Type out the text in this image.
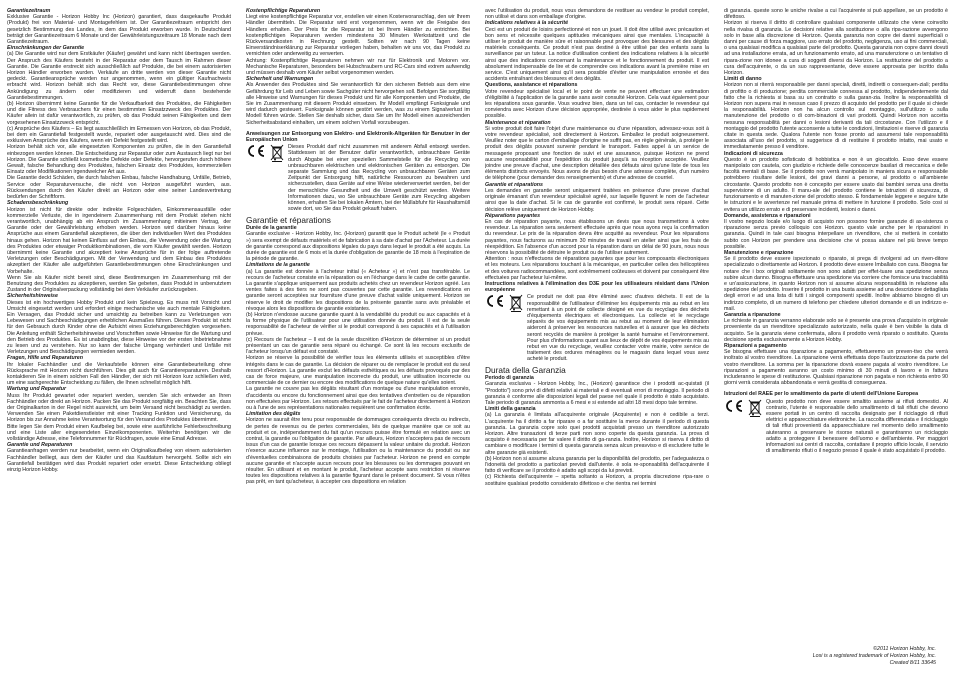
Garantiezeitraum

Exklusive Garantie - Horizon Hobby Inc (Horizon) garantiert, dass dasgekaufte Produkt (Produkt) frei von Material- und Montagefehlern ist. Der Garantiezeitraum entspricht den gesetzlich Bestimmung des Landes, in dem das Produkt erworben wurde. In Deutschland beträgt der Garantiezeitraum 6 Monate und der Gewährleistungszeitraum 18 Monate nach dem Garantiezeitraum.

Einschränkungen der Garantie

(a) Die Garantie wird nur dem Erstkäufer (Käufer) gewährt und kann nicht übertragen werden. Der Anspruch des Käufers besteht in der Reparatur oder dem Tausch im Rahmen dieser Garantie. Die Garantie erstreckt sich ausschließlich auf Produkte, die bei einem autorisierten Horizon Händler erworben wurden. Verkäufe an dritte werden von dieser Garantie nicht gedeckt. Garantieansprüche werden nur angenommen, wenn ein gültiger Kaufnachweis erbracht wird. Horizon behält sich das Recht vor, diese Garantiebestimmungen ohne Ankündigung zu ändern oder modifizieren und widerruft dann bestehende Garantiebestimmungen.
(b) Horizon übernimmt keine Garantie für die Verkaufbarkeit des Produktes, die Fähigkeiten und die Fitness des Verbrauchers für einen bestimmten Einsatzzweck des Produktes. Der Käufer allein ist dafür verantwortlich, zu prüfen, ob das Produkt seinen Fähigkeiten und dem vorgesehenen Einsatzzweck entspricht.
(c) Ansprüche des Käufers – Es liegt ausschließlich im Ermessen von Horizon, ob das Produkt, bei dem ein Garantiefall festgestellt wurde, repariert oder ausgetauscht wird. Dies sind die exklusiven Ansprüche des Käufers, wenn ein Defekt festgestellt wird.
Horizon behält sich vor, alle eingesetzten Komponenten zu prüfen, die in den Garantiefall einbezogen werden können. Die Entscheidung zur Reparatur oder zum Austausch liegt nur bei Horizon. Die Garantie schließt kosmetische Defekte oder Defekte, hervorgerufen durch höhere Gewalt, falsche Behandlung des Produktes, falschen Einsatz des Produktes, kommerziellen Einsatz oder Modifikationen irgendwelcher Art aus.
Die Garantie deckt Schäden, die durch falschen Einbau, falsche Handhabung, Unfälle, Betrieb, Service oder Reparaturversuche, die nicht von Horizon ausgeführt wurden, aus. Rücksendungen durch den Käufer direkt an Horizon oder eine seiner Landesvertretung bedürfen der Schriftform.

Schadensbeschränkung

Horizon ist nicht für direkte oder indirekte Folgeschäden, Einkommensausfälle oder kommerzielle Verluste, die in irgendeinem Zusammenhang mit dem Produkt stehen nicht verantwortlich, unabhängig ab ein Anspruch im Zusammenhang mitieinem Vertrag, der Garantie oder der Gewährleistung erhoben werden. Horizon wird darüber hinaus keine Ansprüche aus einem Garantiefall akzeptieren, die über den individuellen Wert des Produktes hinaus gehen. Horizon hat keinen Einfluss auf den Einbau, die Verwendung oder die Wartung des Produktes oder etwaiger Produktkombinationen, die vom Käufer gewählt werden. Horizon übernimmt keine Garantie und akzeptiert keine Ansprüche für in der folge auftretende Verletzungen oder Beschädigungen. Mit der Verwendung und dem Einbau des Produktes akzeptiert der Käufer alle aufgeführten Garantiebestimmungen ohne Einschränkungen und Vorbehalte.
Wenn Sie als Käufer nicht bereit sind, diese Bestimmungen im Zusammenhang mit der Benutzung des Produktes zu akzeptieren, werden Sie gebeten, dass Produkt in unbenutztem Zustand in der Originalverpackung vollständig bei dem Verkäufer zurückzugeben.

Sicherheitshinweise

Dieses ist ein hochwertiges Hobby Produkt und kein Spielzeug. Es muss mit Vorsicht und Umsicht eingesetzt werden und erfordert einige mechanische wie auch mentale Fähigkeiten. Ein Versagen, das Produkt sicher und umsichtig zu betreiben kann zu Verletzungen von Lebewesen und Sachbeschädigungen erheblichen Ausmaßes führen. Dieses Produkt ist nicht für den Gebrauch durch Kinder ohne die Aufsicht eines Erziehungsberechtigten vorgesehen. Die Anleitung enthält Sicherheitshinweise und Vorschriften sowie Hinweise für die Wartung und den Betrieb des Produktes. Es ist unabdingbar, diese Hinweise vor der ersten Inbetriebnahme zu lesen und zu verstehen. Nur so kann der falsche Umgang verhindert und Unfälle mit Verletzungen und Beschädigungen vermieden werden.

Fragen, Hilfe und Reparaturen

Ihr lokaler Fachhändler und die Verkaufstelle können eine Garantiebeurteilung ohne Rücksprache mit Horizon nicht durchführen. Dies gilt auch für Garantiereparaturen. Deshalb kontaktieren Sie in einem solchen Fall den Händler, der sich mit Horizon kurz schließen wird, um eine sachgerechte Entscheidung zu fällen, die Ihnen schnellst möglich hilft.

Wartung und Reparatur

Muss Ihr Produkt gewartet oder repariert werden, wenden Sie sich entweder an Ihren Fachhändler oder direkt an Horizon. Packen Sie das Produkt sorgfältig ein. Beachten Sie, dass der Originalkarton in der Regel nicht ausreicht, um beim Versand nicht beschädigt zu werden. Verwenden Sie einen Paketdienstleister mit einer Tracking Funktion und Versicherung, da Horizon bis zur Annahme keine Verantwortung für den Versand des Produktes übernimmt.
Bitte legen Sie dem Produkt einen Kaufbeleg bei, sowie eine ausführliche Fehlerbeschreibung und eine Liste aller eingesendeten Einzelkomponenten. Weiterhin benötigen wir die vollständige Adresse, eine Telefonnummer für Rückfragen, sowie eine Email Adresse.

Garantie und Reparaturen

Garantieanfragen werden nur bearbeitet, wenn ein Originalkaufbeleg von einem autorisierten Fachhändler beiliegt, aus dem der Käufer und das Kaufdatum hervorgeht. Sollte sich ein Garantiefall bestätigen wird das Produkt repariert oder ersetzt. Diese Entscheidung obliegt einzig Horizon Hobby.

Kostenpflichtige Reparaturen

Liegt eine kostenpflichtige Reparatur vor, erstellen wir einen Kostenvoranschlag, den wir Ihrem Händler übermitteln. Die Reparatur wird erst vorgenommen, wenn wir die Freigabe des Händlers erhalten. Der Preis für die Reparatur ist bei Ihrem Händler zu entrichten. Bei kostenpflichtigen Reparaturen werden mindestens 30 Minuten Werkstattzeit und die Rückversandkosten in Rechnung gestellt. Sollten wir nach 90 Tagen keine Einverständniserklärung zur Reparatur vorliegen haben, behalten wir uns vor, das Produkt zu vernichten oder anderweitig zu verwerten.
Achtung: Kostenpflichtige Reparaturen nehmen wir nur für Elektronik und Motoren vor. Mechanische Reparaturen, besonders bei Hubschraubern und RC-Cars sind extrem aufwendig und müssen deshalb vom Käufer selbst vorgenommen werden.

Sicherheit und Warnungen

Als Anwender des Produktes sind Sie verantwortlich für den sicheren Betrieb aus dem eine Gefährdung für Leib und Leben sowie Sachgüter nicht hervorgehen soll. Befolgen Sie sorgfältig alle Hinweise und Warnungen für dieses Produkt und für alle Komponenten und Produkte, die Sie im Zusammenhang mit diesem Produkt einsetzen. Ihr Modell empfängt Funksignale und wird dadurch gesteuert. Funksignale können gestört werden, was zu einem Signalverlust im Modell führen würde. Stellen Sie deshalb sicher, dass Sie um Ihr Modell einen ausreichenden Sicherheitsabstand einhalten, um einem solchen Vorfall vorzubeugen.

Anweisungen zur Entsorgung von Elektro- und Elektronik-Altgeräten für Benutzer in der Europäischen Union
Dieses Produkt darf nicht zusammen mit anderem Abfall entsorgt werden. Stattdessen ist der Benutzer dafür verantwortlich, unbrauchbare Geräte durch Abgabe bei einer speziellen Sammelstelle für die Recycling von unbrauchbaren elektrischen und elektronischen Geräten zu entsorgen. Die separate Sammlung und das Recycling von unbrauchbaren Geräten zum Zeitpunkt der Entsorgung hilft, natürliche Ressourcen zu bewahren und sicherzustellen, dass Geräte auf eine Weise wiederverwertet werden, bei der der menschliche Gesundheit und die Umwelt geschützt werden. Weitere Informationen dazu, wo Sie unbrauchbare Geräte zum Recycling abgeben können, erhalten Sie bei lokalen Ämtern, bei der Müllabfuhr für Haushaltsmüll sowie dort, wo Sie das Produkt gekauft haben.
Garantie et réparations
Durée de la garantie

Garantie exclusive - Horizon Hobby, Inc. (Horizon) garantit que le Produit acheté (le « Produit ») sera exempt de défauts matériels et de fabrication à sa date d'achat par l'Acheteur. La durée de garantie correspond aux dispositions légales du pays dans lequel le produit a été acquis. La durée de garantie est de 6 mois et la durée d'obligation de garantie de 18 mois à l'expiration de la période de garantie.

Limitations de la garantie

(a) La garantie est donnée à l'acheteur initial (« Acheteur ») et n'est pas transférable. Le recours de l'acheteur consiste en la réparation ou en l'échange dans le cadre de cette garantie. La garantie s'applique uniquement aux produits achetés chez un revendeur Horizon agréé. Les ventes faites à des tiers ne sont pas couvertes par cette garantie. Les revendications en garantie seront acceptées sur fourniture d'une preuve d'achat valide uniquement. Horizon se réserve le droit de modifier les dispositions de la présente garantie sans avis préalable et révoque alors les dispositions de garantie existantes.
(b) Horizon n'endosse aucune garantie quant à la vendabilité du produit ou aux capacités et à la forme physique de l'utilisateur pour une utilisation donnée du produit. Il est de la seule responsabilité de l'acheteur de vérifier si le produit correspond à ses capacités et à l'utilisation prévue.
(c) Recours de l'acheteur – Il est de la seule discrétion d'Horizon de déterminer si un produit présentant un cas de garantie sera réparé ou échangé. Ce sont là les recours exclusifs de l'acheteur lorsqu'un défaut est constaté.
Horizon se réserve la possibilité de vérifier tous les éléments utilisés et susceptibles d'être intégrés dans le cas de garantie. La décision de réparer ou de remplacer le produit est du seul ressort d'Horizon. La garantie exclut les défauts esthétiques ou les défauts provoqués par des cas de force majeure, une manipulation incorrecte du produit, une utilisation incorrecte ou commerciale de ce dernier ou encore des modifications de quelque nature qu'elles soient.
La garantie ne couvre pas les dégâts résultant d'un montage ou d'une manipulation erronés, d'accidents ou encore du fonctionnement ainsi que des tentatives d'entretien ou de réparation non effectuées par Horizon. Les retours effectués par le fait de l'acheteur directement à Horizon ou à l'une de ses représentations nationales requièrent une confirmation écrite.

Limitation des dégâts

Horizon ne saurait être tenu pour responsable de dommages conséquents directs ou indirects, de pertes de revenus ou de pertes commerciales, liés de quelque manière que ce soit au produit et ce, indépendamment du fait qu'un recours puisse être formulé en relation avec un contrat, la garantie ou l'obligation de garantie. Par ailleurs, Horizon n'acceptera pas de recours issus d'un cas de garantie lorsque ces recours dépassent la valeur unitaire du produit. Horizon n'exerce aucune influence sur le montage, l'utilisation ou la maintenance du produit ou sur d'éventuelles combinaisons de produits choisies par l'acheteur. Horizon ne prend en compte aucune garantie et n'accepte aucun recours pour les blessures ou les dommages pouvant en résulter. En utilisant et en montant le produit, l'acheteur accepte sans restriction ni réserve toutes les dispositions relatives à la garantie figurant dans le présent document. Si vous n'êtes pas prêt, en tant qu'acheteur, à accepter ces dispositions en relation

avec l'utilisation du produit, nous vous demandons de restituer au vendeur le produit complet, non utilisé et dans son emballage d'origine.

Indications relatives à la sécurité

Ceci est un produit de loisirs perfectionné et non un jouet. Il doit être utilisé avec précaution et bon sens et nécessite quelques aptitudes mécaniques ainsi que mentales. L'incapacité à utiliser le produit de manière sûre et raisonnable peut provoquer des blessures et des dégâts matériels conséquents. Ce produit n'est pas destiné à être utilisé par des enfants sans la surveillance par un tuteur. La notice d'utilisation contient des indications relatives à la sécurité ainsi que des indications concernant la maintenance et le fonctionnement du produit. Il est absolument indispensable de lire et de comprendre ces indications avant la première mise en service. C'est uniquement ainsi qu'il sera possible d'éviter une manipulation erronée et des accidents entraînant des blessures et des dégâts.

Questions, assistance et réparations

Votre revendeur spécialisé local et le point de vente ne peuvent effectuer une estimation d'éligibilité à l'application de la garantie sans avoir consulté Horizon. Cela vaut également pour les réparations sous garantie. Vous voudrez bien, dans un tel cas, contacter le revendeur qui conviendra avec Horizon d'une décision appropriée, destinée à vous aider le plus rapidement possible.

Maintenance et réparation

Si votre produit doit faire l'objet d'une maintenance ou d'une réparation, adressez-vous soit à votre revendeur spécialisé, soit directement à Horizon. Emballez le produit soigneusement. Veuillez noter que le carton d'emballage d'origine ne suffit pas, en règle générale, à protéger le produit des dégâts pouvant survenir pendant le transport. Faites appel à un service de messagerie proposant une fonction de suivi et une assurance, puisque Horizon ne prend aucune responsabilité pour l'expédition du produit jusqu'à sa réception acceptée. Veuillez joindre une preuve d'achat, une description détaillée des défauts ainsi qu'une liste de tous les éléments distincts envoyés. Nous avons de plus besoin d'une adresse complète, d'un numéro de téléphone (pour demander des renseignements) et d'une adresse de courriel.

Garantie et réparations

Les demandes en garantie seront uniquement traitées en présence d'une preuve d'achat originale émanant d'un revendeur spécialisé agréé, sur laquelle figurent le nom de l'acheteur ainsi que la date d'achat. Si le cas de garantie est confirmé, le produit sera réparé. Cette décision relève uniquement de Horizon Hobby.

Réparations payantes

En cas de réparation payante, nous établissons un devis que nous transmettons à votre revendeur. La réparation sera seulement effectuée après que nous ayons reçu la confirmation du revendeur. Le prix de la réparation devra être acquitté au revendeur. Pour les réparations payantes, nous facturons au minimum 30 minutes de travail en atelier ainsi que les frais de réexpédition. En l'absence d'un accord pour la réparation dans un délai de 90 jours, nous nous réservons la possibilité de détruire le produit ou de l'utiliser autrement.

Attention : nous n'effectuons de réparations payantes que pour les composants électroniques et les moteurs. Les réparations touchant à la mécanique, en particulier celles des hélicoptères et des voitures radiocommandées, sont extrêmement coûteuses et doivent par conséquent être effectuées par l'acheteur lui-même.

Instructions relatives à l'élimination des D3E pour les utilisateurs résidant dans l'Union européenne
Ce produit ne doit pas être éliminé avec d'autres déchets. Il est de la responsabilité de l'utilisateur d'éliminer les équipements mis au rebut en les remettant à un point de collecte désigné en vue du recyclage des déchets d'équipements électriques et électroniques. La collecte et le recyclage séparés de vos équipements mis au rebut au moment de leur élimination aideront à préserver les ressources naturelles et à assurer que les déchets seront recyclés de manière à protéger la santé humaine et l'environnement. Pour plus d'informations quant aux lieux de dépôt de vos équipements mis au rebut en vue du recyclage, veuillez contacter votre mairie, votre service de traitement des ordures ménagères ou le magasin dans lequel vous avez acheté le produit.
Durata della Garanzia
Periodo di garanzia

Garanzia esclusiva - Horizon Hobby, Inc., (Horizon) garantisce che i prodotti ac-quistati (il "Prodotto") sono privi di difetti relativi ai materiali e di eventuali errori di montaggio. Il periodo di garanzia è conforme alle disposizioni legali del paese nel quale il prodotto è stato acquistato. Tale periodo di garanzia ammonta a 6 mesi e si estende ad altri 18 mesi dopo tale termine.

Limiti della garanzia

(a) La garanzia è limitata all'acquirente originale (Acquirente) e non è cedibile a terzi. L'acquirente ha il diritto a far riparare o a far sostituire la merce durante il periodo di questa garanzia. La garanzia copre solo quei prodotti acquistati presso un rivenditore autorizzato Horizon. Altre transazioni di terze parti non sono coperte da questa garanzia. La prova di acquisto è necessaria per far valere il diritto di ga-ranzia. Inoltre, Horizon si riserva il diritto di cambiare o modificare i termini di questa garanzia senza alcun preavviso e di escludere tutte le altre garanzie già esistenti.
(b) Horizon non si assume alcuna garanzia per la disponibilità del prodotto, per l'adeguatezza o l'idoneità del prodotto a particolari previsti dall'utente. è sola re-sponsabilità dell'acquirente il fatto di verificare se il prodotto è adatto agli scopi da lui previsti.
(c) Richiesta dell'acquirente – spetta soltanto a Horizon, a propria discrezione ripa-rare o sostituire qualsiasi prodotto considerato difettoso e che rientra nei termini

di garanzia. queste sono le uniche rivalse a cui l'acquirente si può appellare, se un prodotto è difettoso.
Horizon si riserva il diritto di controllare qualsiasi componente utilizzato che viene coinvolto nella rivalsa di garanzia. Le decisioni relative alla sostituzione o alla ripa-razione avvengono solo in base alla discrezione di Horizon. Questa garanzia non copre dei danni superficiali o danni per cause di forza maggiore, uso errato del prodotto, negligenza, uso ai fini commerciali, o una qualsiasi modifica a qualsiasi parte del prodotto. Questa garanzia non copre danni dovuti ad una installazione errata, ad un funzionamento errato, ad una manutenzione o un tentativo di ripara-zione non idonee a cura di soggetti diversi da Horizon. La restituzione del prodotto a cura dell'acquirente, o da un suo rappresentante, deve essere approvata per iscritto dalla Horizon.

Limiti di danno

Horizon non si riterrà responsabile per danni speciali, diretti, indiretti o consequen-ziali; perdita di profitto o di produzione; perdita commerciale connessa al prodotto, indipendentemente dal fatto che la richiesta si basa su un contratto o sulla garan-zia. Inoltre la responsabilità di Horizon non supera mai in nessun caso il prezzo di acquisto del prodotto per il quale si chiede la responsabilità. Horizon non ha alcun controllo sul montaggio, sull'utilizzo o sulla manutenzione del prodotto o di com-binazioni di vari prodotti. Quindi Horizon non accetta nessuna responsabilità per danni o lesioni derivanti da tali circostanze. Con l'utilizzo e il montaggio del prodotto l'utente acconsente a tutte le condizioni, limitazioni e riserve di garanzia citate in questa sede. Qualora l'utente non fosse pronto ad assumersi tale responsabilità associata all'uso del prodotto, si suggerisce di di restituire il prodotto intatto, mai usato e immediatamente presso il venditore.

Indicazioni di sicurezza

Questo è un prodotto sofisticato di hobbistica e non è un giocattolo. Esso deve essere manipolato con cautela, con giudizio e richiede delle conoscenze basilari di meccanica e delle facoltà mentali di base. Se il prodotto non verrà manipolato in maniera sicura e responsabile potrebbero risultare delle lesioni, dei gravi danni a persone, al prodotto o all'ambiente circostante. Questo prodotto non è concepito per essere usato dai bambini senza una diretta supervisione di un adulto. Il manu-ale del prodotto contiene le istruzioni di sicurezza, di funzionamento e di manuten-zione del prodotto stesso. È fondamentale leggere e seguire tutte le istruzioni e le avvertenze nel manuale prima di mettere in funzione il prodotto. Solo così si evitera un utilizzo errato e di preservare incidenti, lesioni o danni.

Domande, assistenza e riparazioni

Il vostro negozio locale e/o luogo di acquisto non possono fornire garanzie di as-sistenza o riparazione senza previo colloquio con Horizon. questo vale anche per le riparazioni in garanzia. Quindi in tale casi bisogna interpellare un rivenditore, che si metterà in contatto subito con Horizon per prendere una decisione che vi possa aiutare nel più breve tempo possibile.

Manutenzione e riparazione

Se il prodotto deve essere ispezionato o riparato, si prega di rivolgersi ad un riven-ditore specializzato o direttamente ad Horizon. il prodotto deve essere Imballato con cura. Bisogna far notare che i box originali solitamente non sono adatti per effet-tuare una spedizione senza subire alcun danno. Bisogna effettuare una spedizione via corriere che fornisce una tracciabilità e un'assicurazione, in quanto Horizon non si assume alcuna responsabilità in relazione alla spedizione del prodotto. Inserire il prodotto in una busta assieme ad una descrizione dettagliata degli errori e ad una lista di tutti i singoli componenti spediti. Inoltre abbiamo bisogno di un indirizzo completo, di un numero di telefono per chiedere ulteriori domande e di un indirizzo e-mail.

Garanzia a riparazione

Le richieste in garanzia verranno elaborate solo se è presente una prova d'acquisto in originale proveniente da un rivenditore specializzato autorizzato, nella quale è ben visibile la data di acquisto. Se la garanzia viene confermata, allora il prodotto verrà riparato o sostituito. Questa decisione spetta esclusivamente a Horizon Hobby.

Riparazioni a pagamento

Se bisogna effettuare una riparazione a pagamento, effettueremo un preven-tivo che verrà inoltrato al vostro rivenditore. La riparazione verrà effettuata dopo l'autorizzazione da parte del vostro rivenditore. La somma per la riparazione dovrà essere pagata al vostro rivenditore. Le riparazioni a pagamento avranno un costo minimo di 30 minuti di lavoro e in fattura includeranno le spese di restituzione. Qualsiasi riparazione non pagata e non richiesta entro 90 giorni verrà considerata abbandonata e verrà gestita di conseguenza.

Istruzioni del RAEE per lo smaltimento da parte di utenti dell'Unione Europea
Questo prodotto non deve essere smaltito assieme ai rifiuti domestici. Al contrario, l'utente è responsabile dello smaltimento di tali rifiuti che devono essere portati in un centro di raccolta designato per il riciclaggio di rifiuti elettrici e apparecchiature elettroniche. La raccolta differenziata e il riciclaggio di tali rifiuti provenienti da apparecchiature nel momento dello smaltimento aiuteranno a preservare le risorse naturali e garantiranno un riciclaggio adatto a proteggere il benessere dell'uomo e dell'ambiente. Per maggiori informazioni sui centri di raccolta, contattare il proprio ufficio locale, il servizio di smaltimento rifiuti o il negozio presso il quale è stato acquistato il prodotto.
©2011 Horizon Hobby, Inc.
Losi is a registered trademark of Horizon Hobby, Inc.
Created 8/11 33645
